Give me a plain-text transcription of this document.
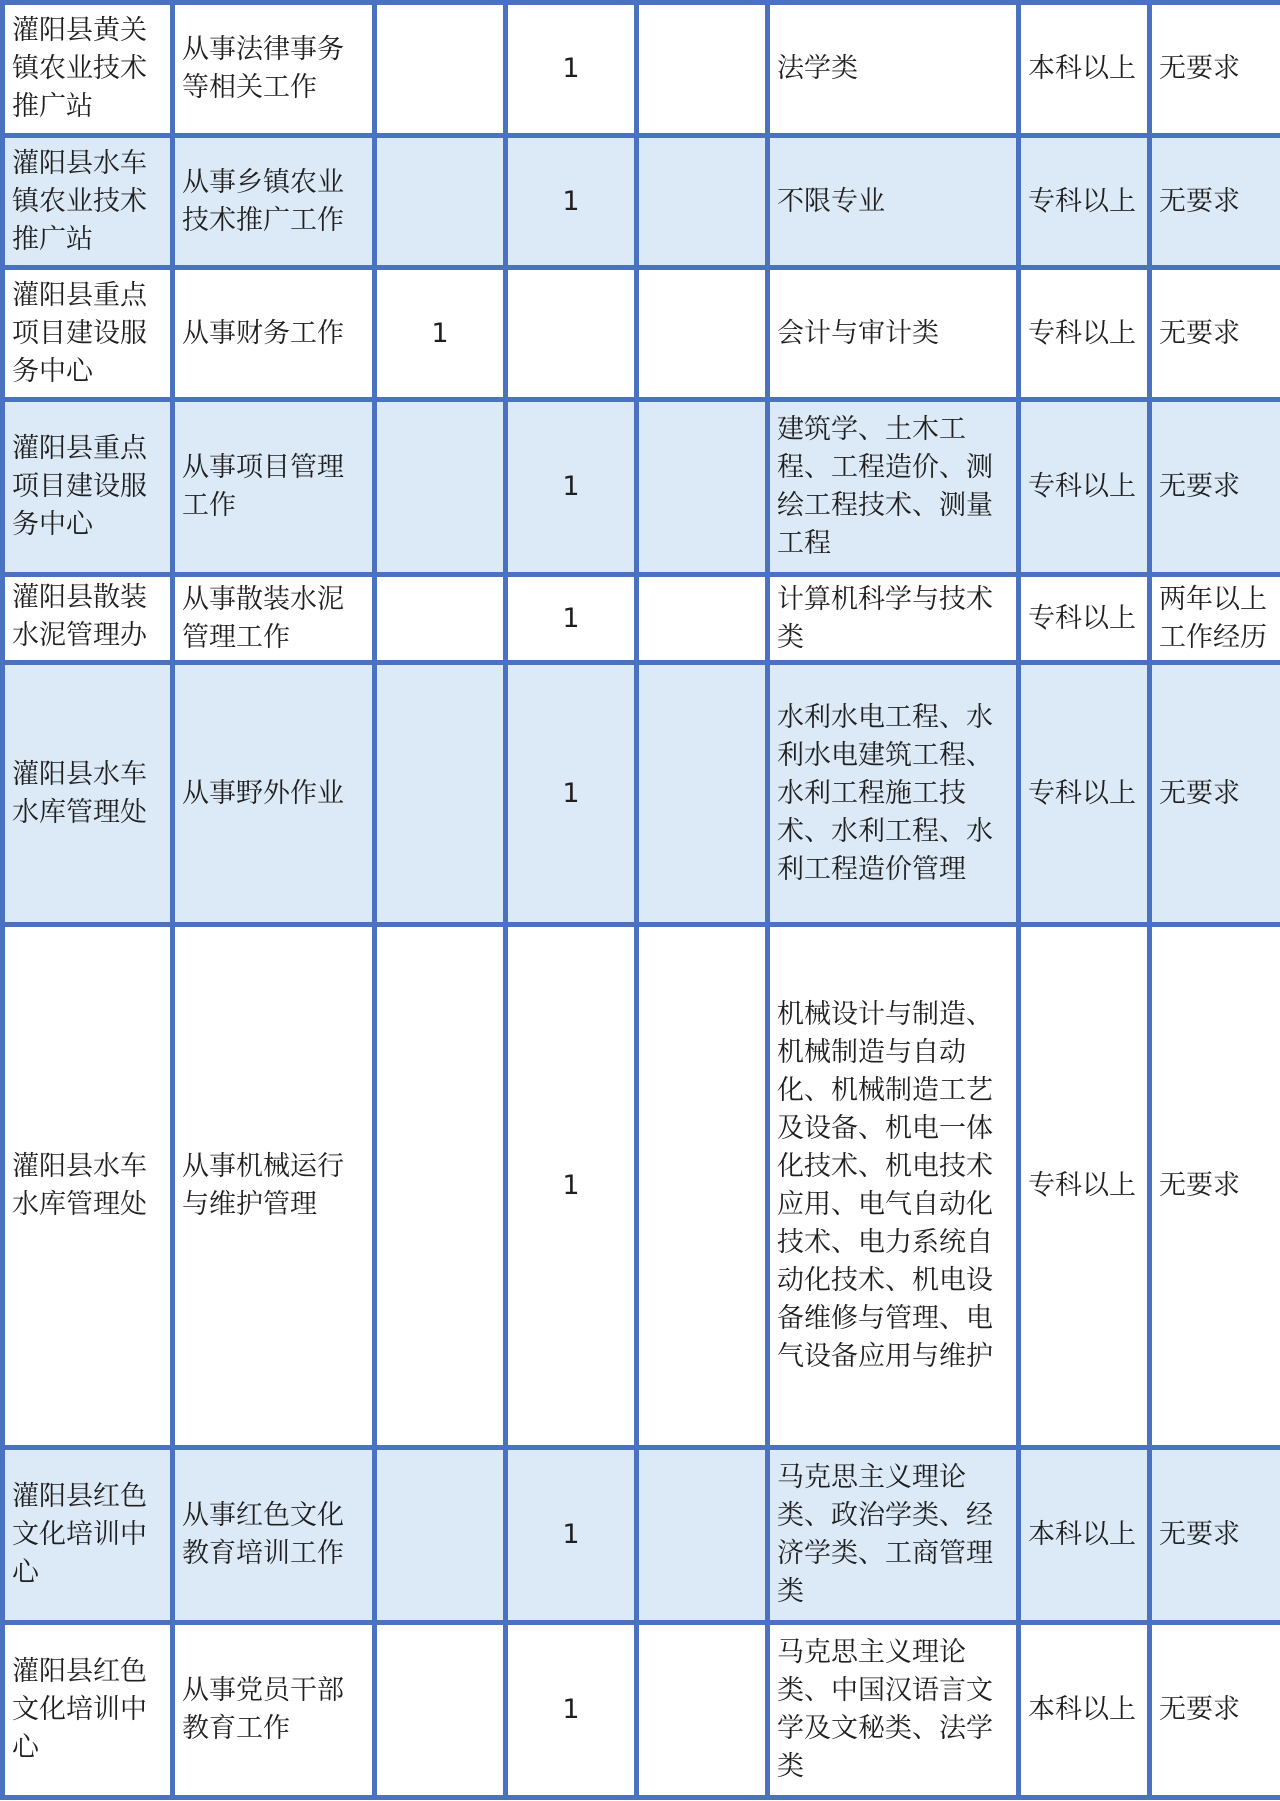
灌阳县黄关镇农业技术推广站	从事法律事务等相关工作		1		法学类	本科以上	无要求
灌阳县水车镇农业技术推广站	从事乡镇农业技术推广工作		1		不限专业	专科以上	无要求
灌阳县重点项目建设服务中心	从事财务工作	1			会计与审计类	专科以上	无要求
灌阳县重点项目建设服务中心	从事项目管理工作		1		建筑学、土木工程、工程造价、测绘工程技术、测量工程	专科以上	无要求

灌阳县散装水泥管理办	从事散装水泥管理工作		1		计算机科学与技术类	专科以上	两年以上工作经历
灌阳县水车水库管理处	从事野外作业		1		水利水电工程、水利水电建筑工程、水利工程施工技术、水利工程、水利工程造价管理	专科以上	无要求
灌阳县水车水库管理处	从事机械运行与维护管理		1		机械设计与制造、机械制造与自动化、机械制造工艺及设备、机电一体化技术、机电技术应用、电气自动化技术、电力系统自动化技术、机电设备维修与管理、电气设备应用与维护	专科以上	无要求
灌阳县红色文化培训中心	从事红色文化教育培训工作		1		马克思主义理论类、政治学类、经济学类、工商管理类	本科以上	无要求
灌阳县红色文化培训中心	从事党员干部教育工作		1		马克思主义理论类、中国汉语言文学及文秘类、法学类	本科以上	无要求
